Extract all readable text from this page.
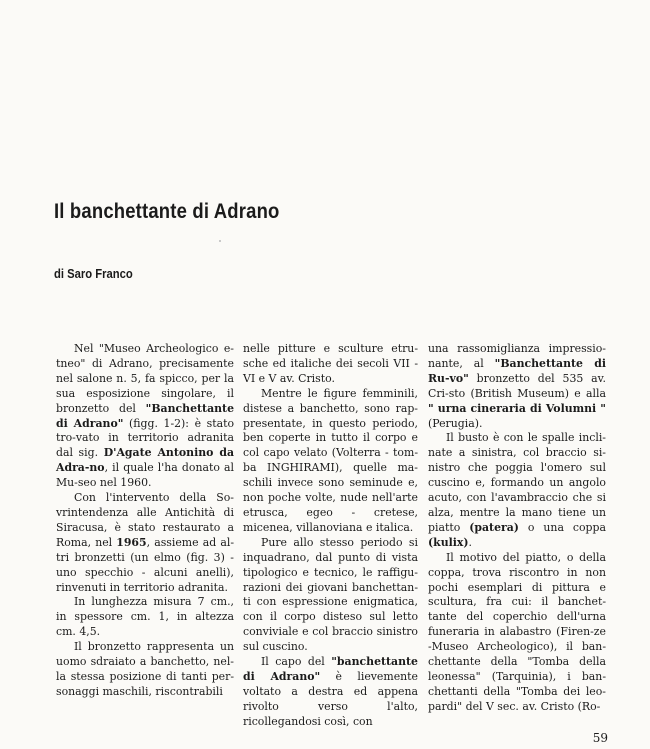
Il banchettante di Adrano
di Saro Franco

Nel "Museo Archeologico e-tneo" di Adrano, precisamente nel salone n. 5, fa spicco, per la sua esposizione singolare, il bronzetto del "Banchettante di Adrano" (figg. 1-2): è stato tro-vato in territorio adranita dal sig. D'Agate Antonino da Adra-no, il quale l'ha donato al Mu-seo nel 1960.

Con l'intervento della So-vrintendenza alle Antichità di Siracusa, è stato restaurato a Roma, nel 1965, assieme ad al-tri bronzetti (un elmo (fig. 3) - uno specchio - alcuni anelli), rinvenuti in territorio adranita.

In lunghezza misura 7 cm., in spessore cm. 1, in altezza cm. 4,5.

Il bronzetto rappresenta un uomo sdraiato a banchetto, nel-la stessa posizione di tanti per-sonaggi maschili, riscontrabili

nelle pitture e sculture etru-sche ed italiche dei secoli VII - VI e V av. Cristo.

Mentre le figure femminili, distese a banchetto, sono rap-presentate, in questo periodo, ben coperte in tutto il corpo e col capo velato (Volterra - tom-ba INGHIRAMI), quelle ma-schili invece sono seminude e, non poche volte, nude nell'arte etrusca, egeo - cretese, micenea, villanoviana e italica.

Pure allo stesso periodo si inquadrano, dal punto di vista tipologico e tecnico, le raffigu-razioni dei giovani banchettan-ti con espressione enigmatica, con il corpo disteso sul letto conviviale e col braccio sinistro sul cuscino.

Il capo del "banchettante di Adrano" è lievemente voltato a destra ed appena rivolto verso l'alto, ricollegandosi così, con

una rassomiglianza impressio-nante, al "Banchettante di Ru-vo" bronzetto del 535 av. Cri-sto (British Museum) e alla " urna cineraria di Volumni " (Perugia).

Il busto è con le spalle incli-nate a sinistra, col braccio si-nistro che poggia l'omero sul cuscino e, formando un angolo acuto, con l'avambraccio che si alza, mentre la mano tiene un piatto (patera) o una coppa (kulix).

Il motivo del piatto, o della coppa, trova riscontro in non pochi esemplari di pittura e scultura, fra cui: il banchet-tante del coperchio dell'urna funeraria in alabastro (Firen-ze -Museo Archeologico), il ban-chettante della "Tomba della leonessa" (Tarquinia), i ban-chettanti della "Tomba dei leo-pardi" del V sec. av. Cristo (Ro-

59
